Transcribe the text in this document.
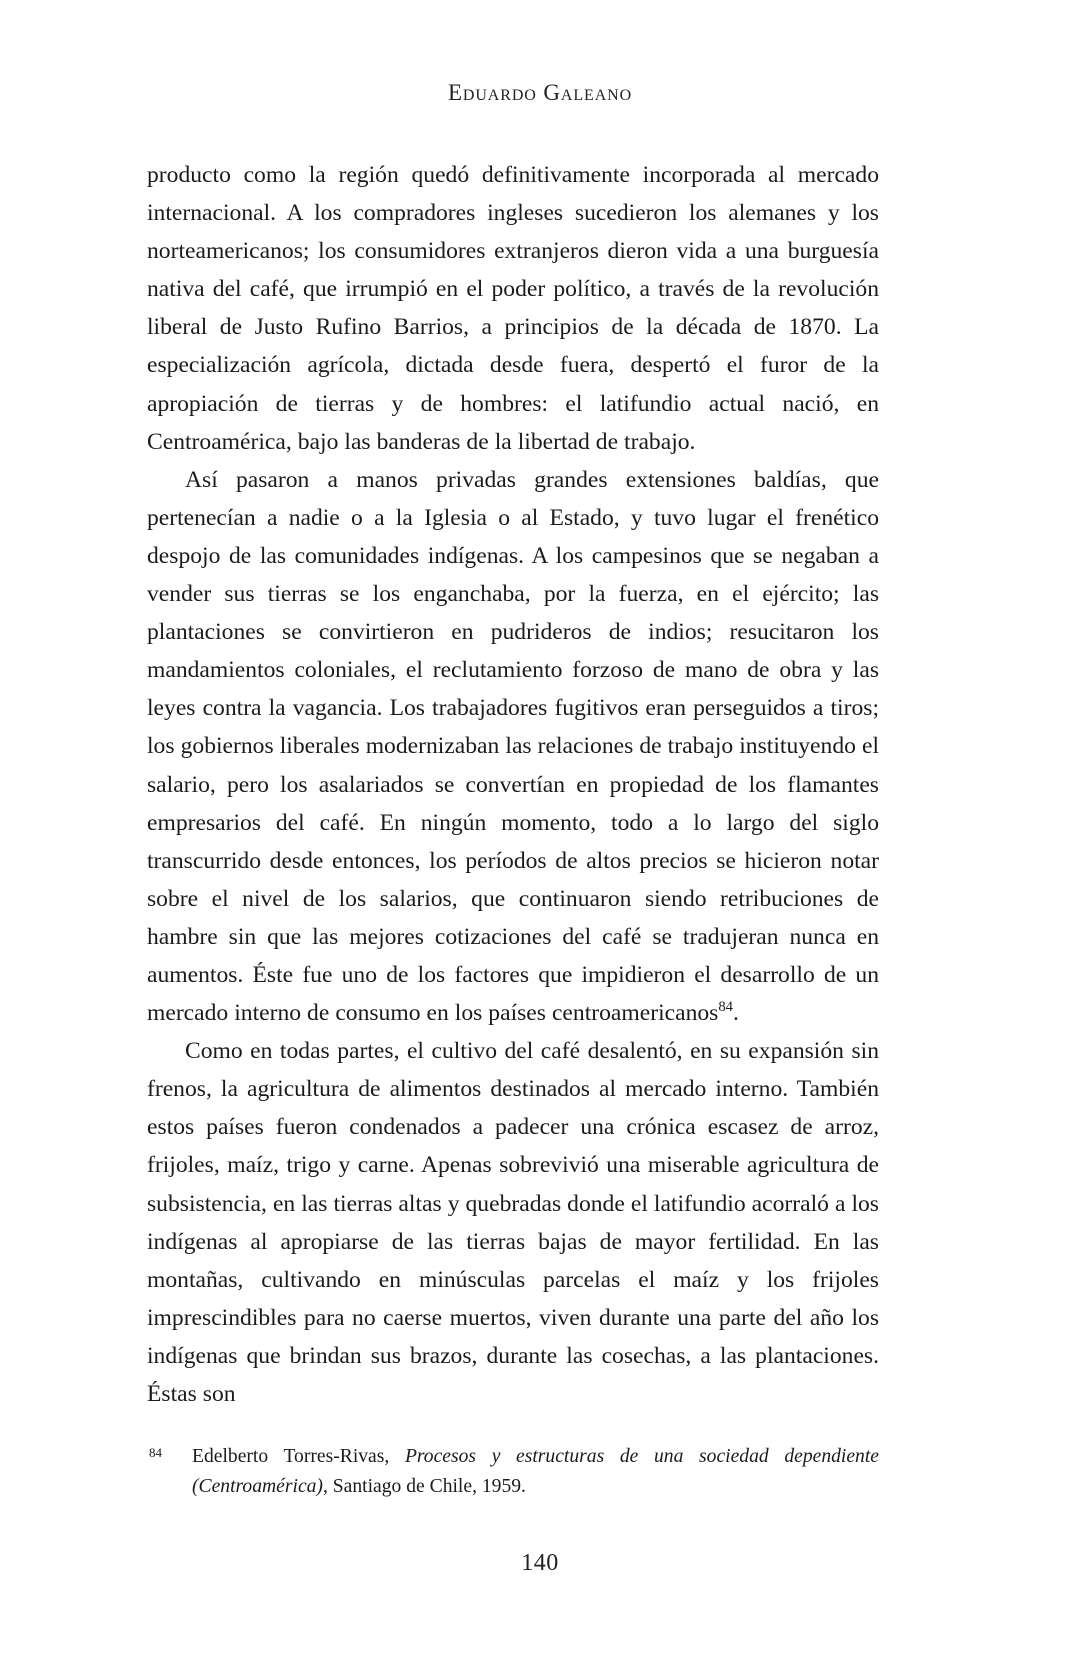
Eduardo Galeano

producto como la región quedó definitivamente incorporada al mercado internacional. A los compradores ingleses sucedieron los alemanes y los norteamericanos; los consumidores extranjeros dieron vida a una burguesía nativa del café, que irrumpió en el poder político, a través de la revolución liberal de Justo Rufino Barrios, a principios de la década de 1870. La especialización agrícola, dictada desde fuera, despertó el furor de la apropiación de tierras y de hombres: el latifundio actual nació, en Centroamérica, bajo las banderas de la libertad de trabajo.

Así pasaron a manos privadas grandes extensiones baldías, que pertenecían a nadie o a la Iglesia o al Estado, y tuvo lugar el frenético despojo de las comunidades indígenas. A los campesinos que se negaban a vender sus tierras se los enganchaba, por la fuerza, en el ejército; las plantaciones se convirtieron en pudrideros de indios; resucitaron los mandamientos coloniales, el reclutamiento forzoso de mano de obra y las leyes contra la vagancia. Los trabajadores fugitivos eran perseguidos a tiros; los gobiernos liberales modernizaban las relaciones de trabajo instituyendo el salario, pero los asalariados se convertían en propiedad de los flamantes empresarios del café. En ningún momento, todo a lo largo del siglo transcurrido desde entonces, los períodos de altos precios se hicieron notar sobre el nivel de los salarios, que continuaron siendo retribuciones de hambre sin que las mejores cotizaciones del café se tradujeran nunca en aumentos. Éste fue uno de los factores que impidieron el desarrollo de un mercado interno de consumo en los países centroamericanos$^{84}$.

Como en todas partes, el cultivo del café desalentó, en su expansión sin frenos, la agricultura de alimentos destinados al mercado interno. También estos países fueron condenados a padecer una crónica escasez de arroz, frijoles, maíz, trigo y carne. Apenas sobrevivió una miserable agricultura de subsistencia, en las tierras altas y quebradas donde el latifundio acorraló a los indígenas al apropiarse de las tierras bajas de mayor fertilidad. En las montañas, cultivando en minúsculas parcelas el maíz y los frijoles imprescindibles para no caerse muertos, viven durante una parte del año los indígenas que brindan sus brazos, durante las cosechas, a las plantaciones. Éstas son

84 Edelberto Torres-Rivas, Procesos y estructuras de una sociedad dependiente (Centroamérica), Santiago de Chile, 1959.

140
